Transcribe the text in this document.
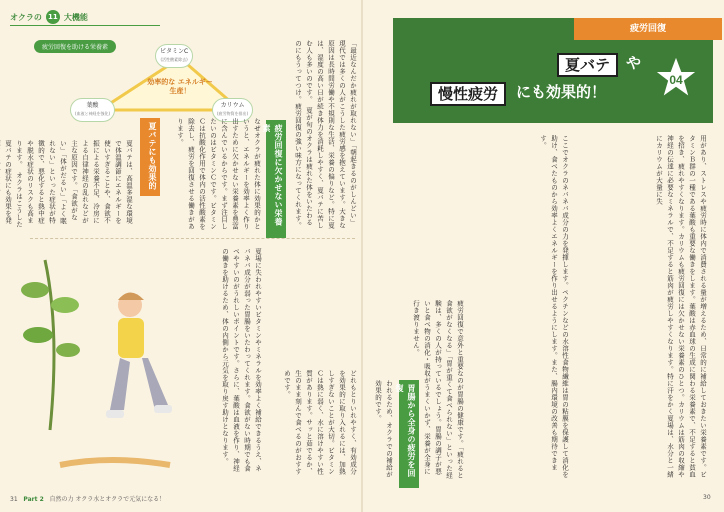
オクラの 11 大機能
疲労回復を助ける栄養素
ビタミンC
(活性酸素除去)
葉酸
(血液と神経を強化)
カリウム
(疲労物質を排出)
効率的な エネルギー生産！	「最近なんだか疲れが取れない」「朝起きるのがしんどい」　現代では多くの人がこうした疲労感を抱えています。大きな原因は長時間労働や不規則な生活、栄養の偏りなど。特に夏は、湿度の高い日が続き体力を消耗しやすく、夏バテに苦しむ人も多いのです。　夏が旬のオクラは疲れた体をいたわるのにもうってつけ。疲労回復の強い味方になってくれます。
疲労回復に欠かせない栄養素
なぜオクラが疲れた体に効果的かというと、エネルギーを効率よく作り出すために欠かせない栄養素を豊富に含んでいるからです。まず注目したいのはビタミンＣです。ビタミンＣは抗酸化作用で体内の活性酸素を除去し、疲労を回復させる働きがあります。
夏バテにも効果的
夏バテは、高温多湿な環境で体温調節にエネルギーを使いすぎることや、食欲不振による栄養不足、冷房による自律神経の乱れなどが主な原因です。「食欲がない」「体がだるい」「よく眠れない」といった症状が特徴的で、悪化すると熱中症や脱水症状のリスクも高まります。　オクラはこうした夏バテの症状にも効果を発
夏場に失われやすいビタミンやミネラルを効率よく補給できるうえ、ネバネバ成分が弱った胃腸をいたわってくれます。食欲がない時期でも食べやすいのがうれしいポイントです。さらに、葉酸は血液を作り、神経の働きを助けるため、体の内側から元気を取り戻す助けとなります。	どれもとりいれやすく、有効成分を効果的に取り入れるには、加熱しすぎないことが大切。ビタミンＣは熱に弱く、水に溶けやすい性質があります。サッと茹でるか、生のまま刻んで食べるのがおすすめです。
疲労回復
夏バテ	や
慢性疲労	にも効果的！
04
用があり、ストレスや疲労時に体内で消費される量が増えるため、日常的に補給しておきたい栄養素です。ビタミンＢ群の一種である葉酸も重要な働きをします。葉酸は赤血球の生成に関わる栄養素で、不足すると貧血を招き、疲れやすくなります。カリウムも疲労回復には欠かせない栄養素のひとつ。カリウムは筋肉の収縮や神経の伝達に必要なミネラルで、不足すると筋肉が疲労しやすくなります。特に汗をかく夏場は、水分と一緒にカリウムが大量に失
ここでオクラのネバネバ成分の力を発揮します。ペクチンなどの水溶性食物繊維は胃の粘膜を保護して消化を助け、食べたものから効率よくエネルギーを作り出せるようにします。また、腸内環境の改善も期待できます。
疲労回復で意外と重要なのが胃腸の健康です。「疲れると食欲がなくなる」「胃が重くて食べられない」といった経験は、多くの人が持っているでしょう。胃腸の調子が悪いと食べ物の消化・吸収がうまくいかず、栄養が全身に行き渡りません。
胃腸から全身の疲労を回復
われるため、オクラでの補給が効果的です。
31 Part 2 自然の力 オクラ水とオクラで元気になる！	30
